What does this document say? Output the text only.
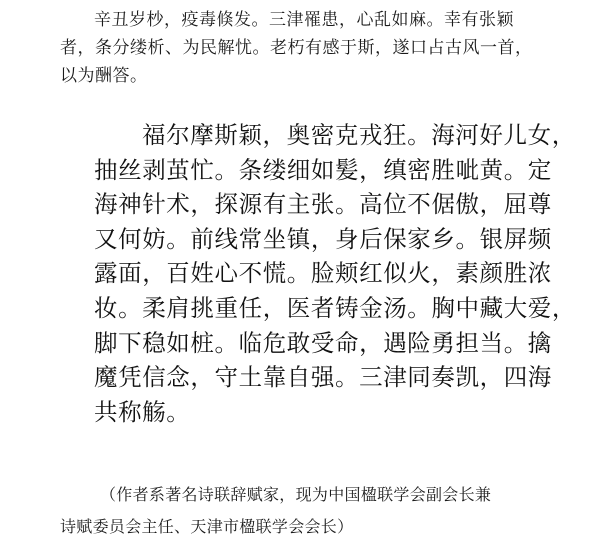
辛丑岁杪，疫毒倏发。三津罹患，心乱如麻。幸有张颖
者，条分缕析、为民解忧。老朽有感于斯，遂口占古风一首，
以为酬答。
福尔摩斯颖，奥密克戎狂。海河好儿女，
抽丝剥茧忙。条缕细如髪，缜密胜呲黄。定
海神针术，探源有主张。高位不倨傲，屈尊
又何妨。前线常坐镇，身后保家乡。银屏频
露面，百姓心不慌。脸颊红似火，素颜胜浓
妆。柔肩挑重任，医者铸金汤。胸中藏大爱，
脚下稳如桩。临危敢受命，遇险勇担当。擒
魔凭信念，守土靠自强。三津同奏凯，四海
共称觞。
（作者系著名诗联辞赋家，现为中国楹联学会副会长兼
诗赋委员会主任、天津市楹联学会会长）
